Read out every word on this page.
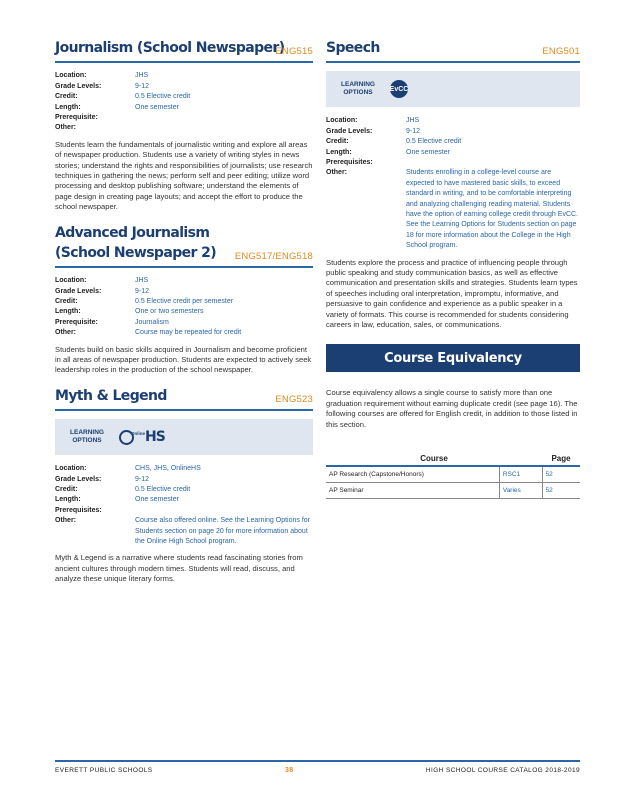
Journalism (School Newspaper)
ENG515
Location:	JHS
Grade Levels:	9-12
Credit:	0.5 Elective credit
Length:	One semester
Prerequisite:
Other:

Students learn the fundamentals of journalistic writing and explore all areas of newspaper production. Students use a variety of writing styles in news stories; understand the rights and responsibilities of journalists; use research techniques in gathering the news; perform self and peer editing; utilize word processing and desktop publishing software; understand the elements of page design in creating page layouts; and accept the effort to produce the school newspaper.

Advanced Journalism (School Newspaper 2)	ENG517/ENG518
Location:	JHS
Grade Levels:	9-12
Credit:	0.5 Elective credit per semester
Length:	One or two semesters
Prerequisite:	Journalism
Other:	Course may be repeated for credit

Students build on basic skills acquired in Journalism and become proficient in all areas of newspaper production. Students are expected to actively seek leadership roles in the production of the school newspaper.

Myth & Legend	ENG523
LEARNING OPTIONS
Online HS
Location:	CHS, JHS, OnlineHS
Grade Levels:	9-12
Credit:	0.5 Elective credit
Length:	One semester
Prerequisites:
Other:	Course also offered online. See the Learning Options for Students section on page 20 for more information about the Online High School program.

Myth & Legend is a narrative where students read fascinating stories from ancient cultures through modern times. Students will read, discuss, and analyze these unique literary forms.

Speech	ENG501
LEARNING OPTIONS	EvCC
Location:	JHS
Grade Levels:	9-12
Credit:	0.5 Elective credit
Length:	One semester
Prerequisites:
Other:	Students enrolling in a college-level course are expected to have mastered basic skills, to exceed standard in writing, and to be comfortable interpreting and analyzing challenging reading material. Students have the option of earning college credit through EvCC. See the Learning Options for Students section on page 18 for more information about the College in the High School program.

Students explore the process and practice of influencing people through public speaking and study communication basics, as well as effective communication and presentation skills and strategies. Students learn types of speeches including oral interpretation, impromptu, informative, and persuasive to gain confidence and experience as a public speaker in a variety of formats. This course is recommended for students considering careers in law, education, sales, or communications.

Course Equivalency

Course equivalency allows a single course to satisfy more than one graduation requirement without earning duplicate credit (see page 16). The following courses are offered for English credit, in addition to those listed in this section.

Course		Page
AP Research (Capstone/Honors)	RSC1	52
AP Seminar	Varies	52
EVERETT PUBLIC SCHOOLS	38	HIGH SCHOOL COURSE CATALOG 2018-2019
